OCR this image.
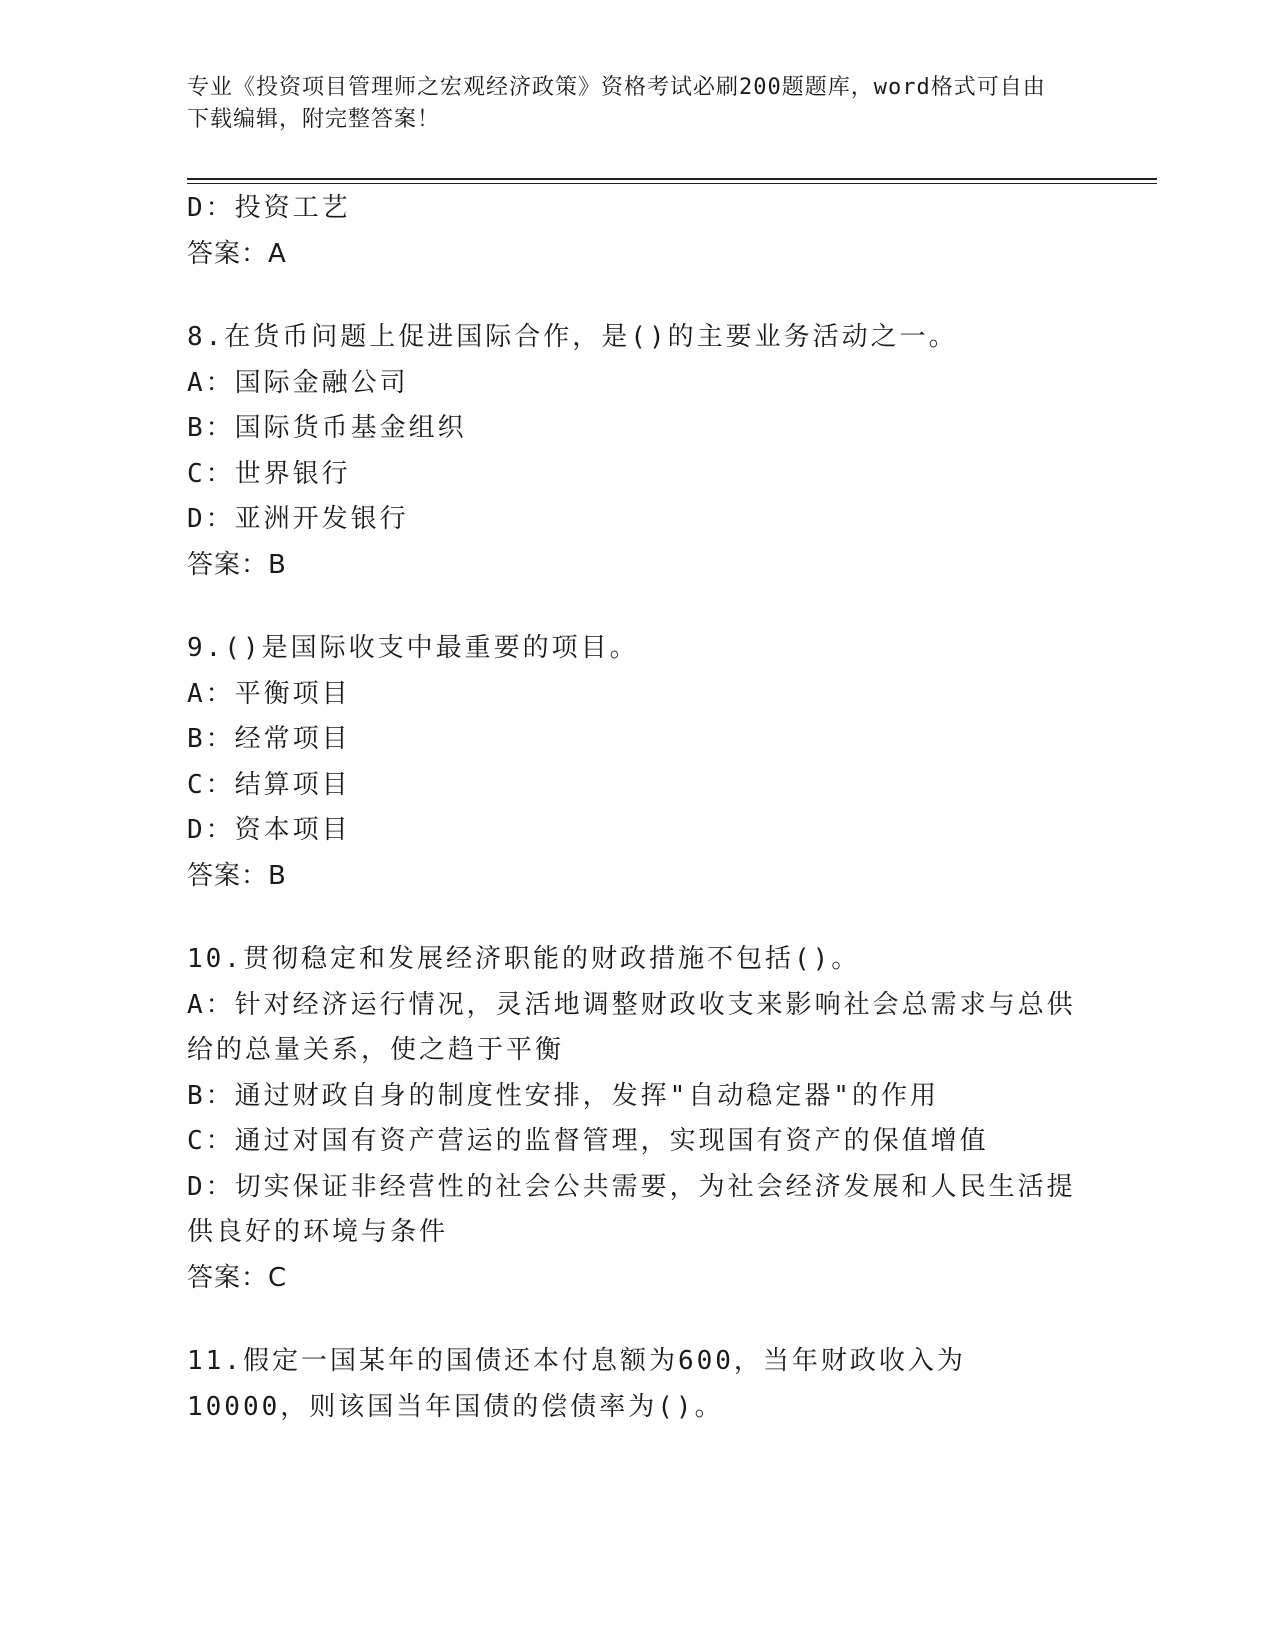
专业《投资项目管理师之宏观经济政策》资格考试必刷200题题库，word格式可自由下载编辑，附完整答案！
D：投资工艺
答案：A
8.在货币问题上促进国际合作，是()的主要业务活动之一。
A：国际金融公司
B：国际货币基金组织
C：世界银行
D：亚洲开发银行
答案：B
9.()是国际收支中最重要的项目。
A：平衡项目
B：经常项目
C：结算项目
D：资本项目
答案：B
10.贯彻稳定和发展经济职能的财政措施不包括()。
A：针对经济运行情况，灵活地调整财政收支来影响社会总需求与总供给的总量关系，使之趋于平衡
B：通过财政自身的制度性安排，发挥"自动稳定器"的作用
C：通过对国有资产营运的监督管理，实现国有资产的保值增值
D：切实保证非经营性的社会公共需要，为社会经济发展和人民生活提供良好的环境与条件
答案：C
11.假定一国某年的国债还本付息额为600，当年财政收入为10000，则该国当年国债的偿债率为()。
